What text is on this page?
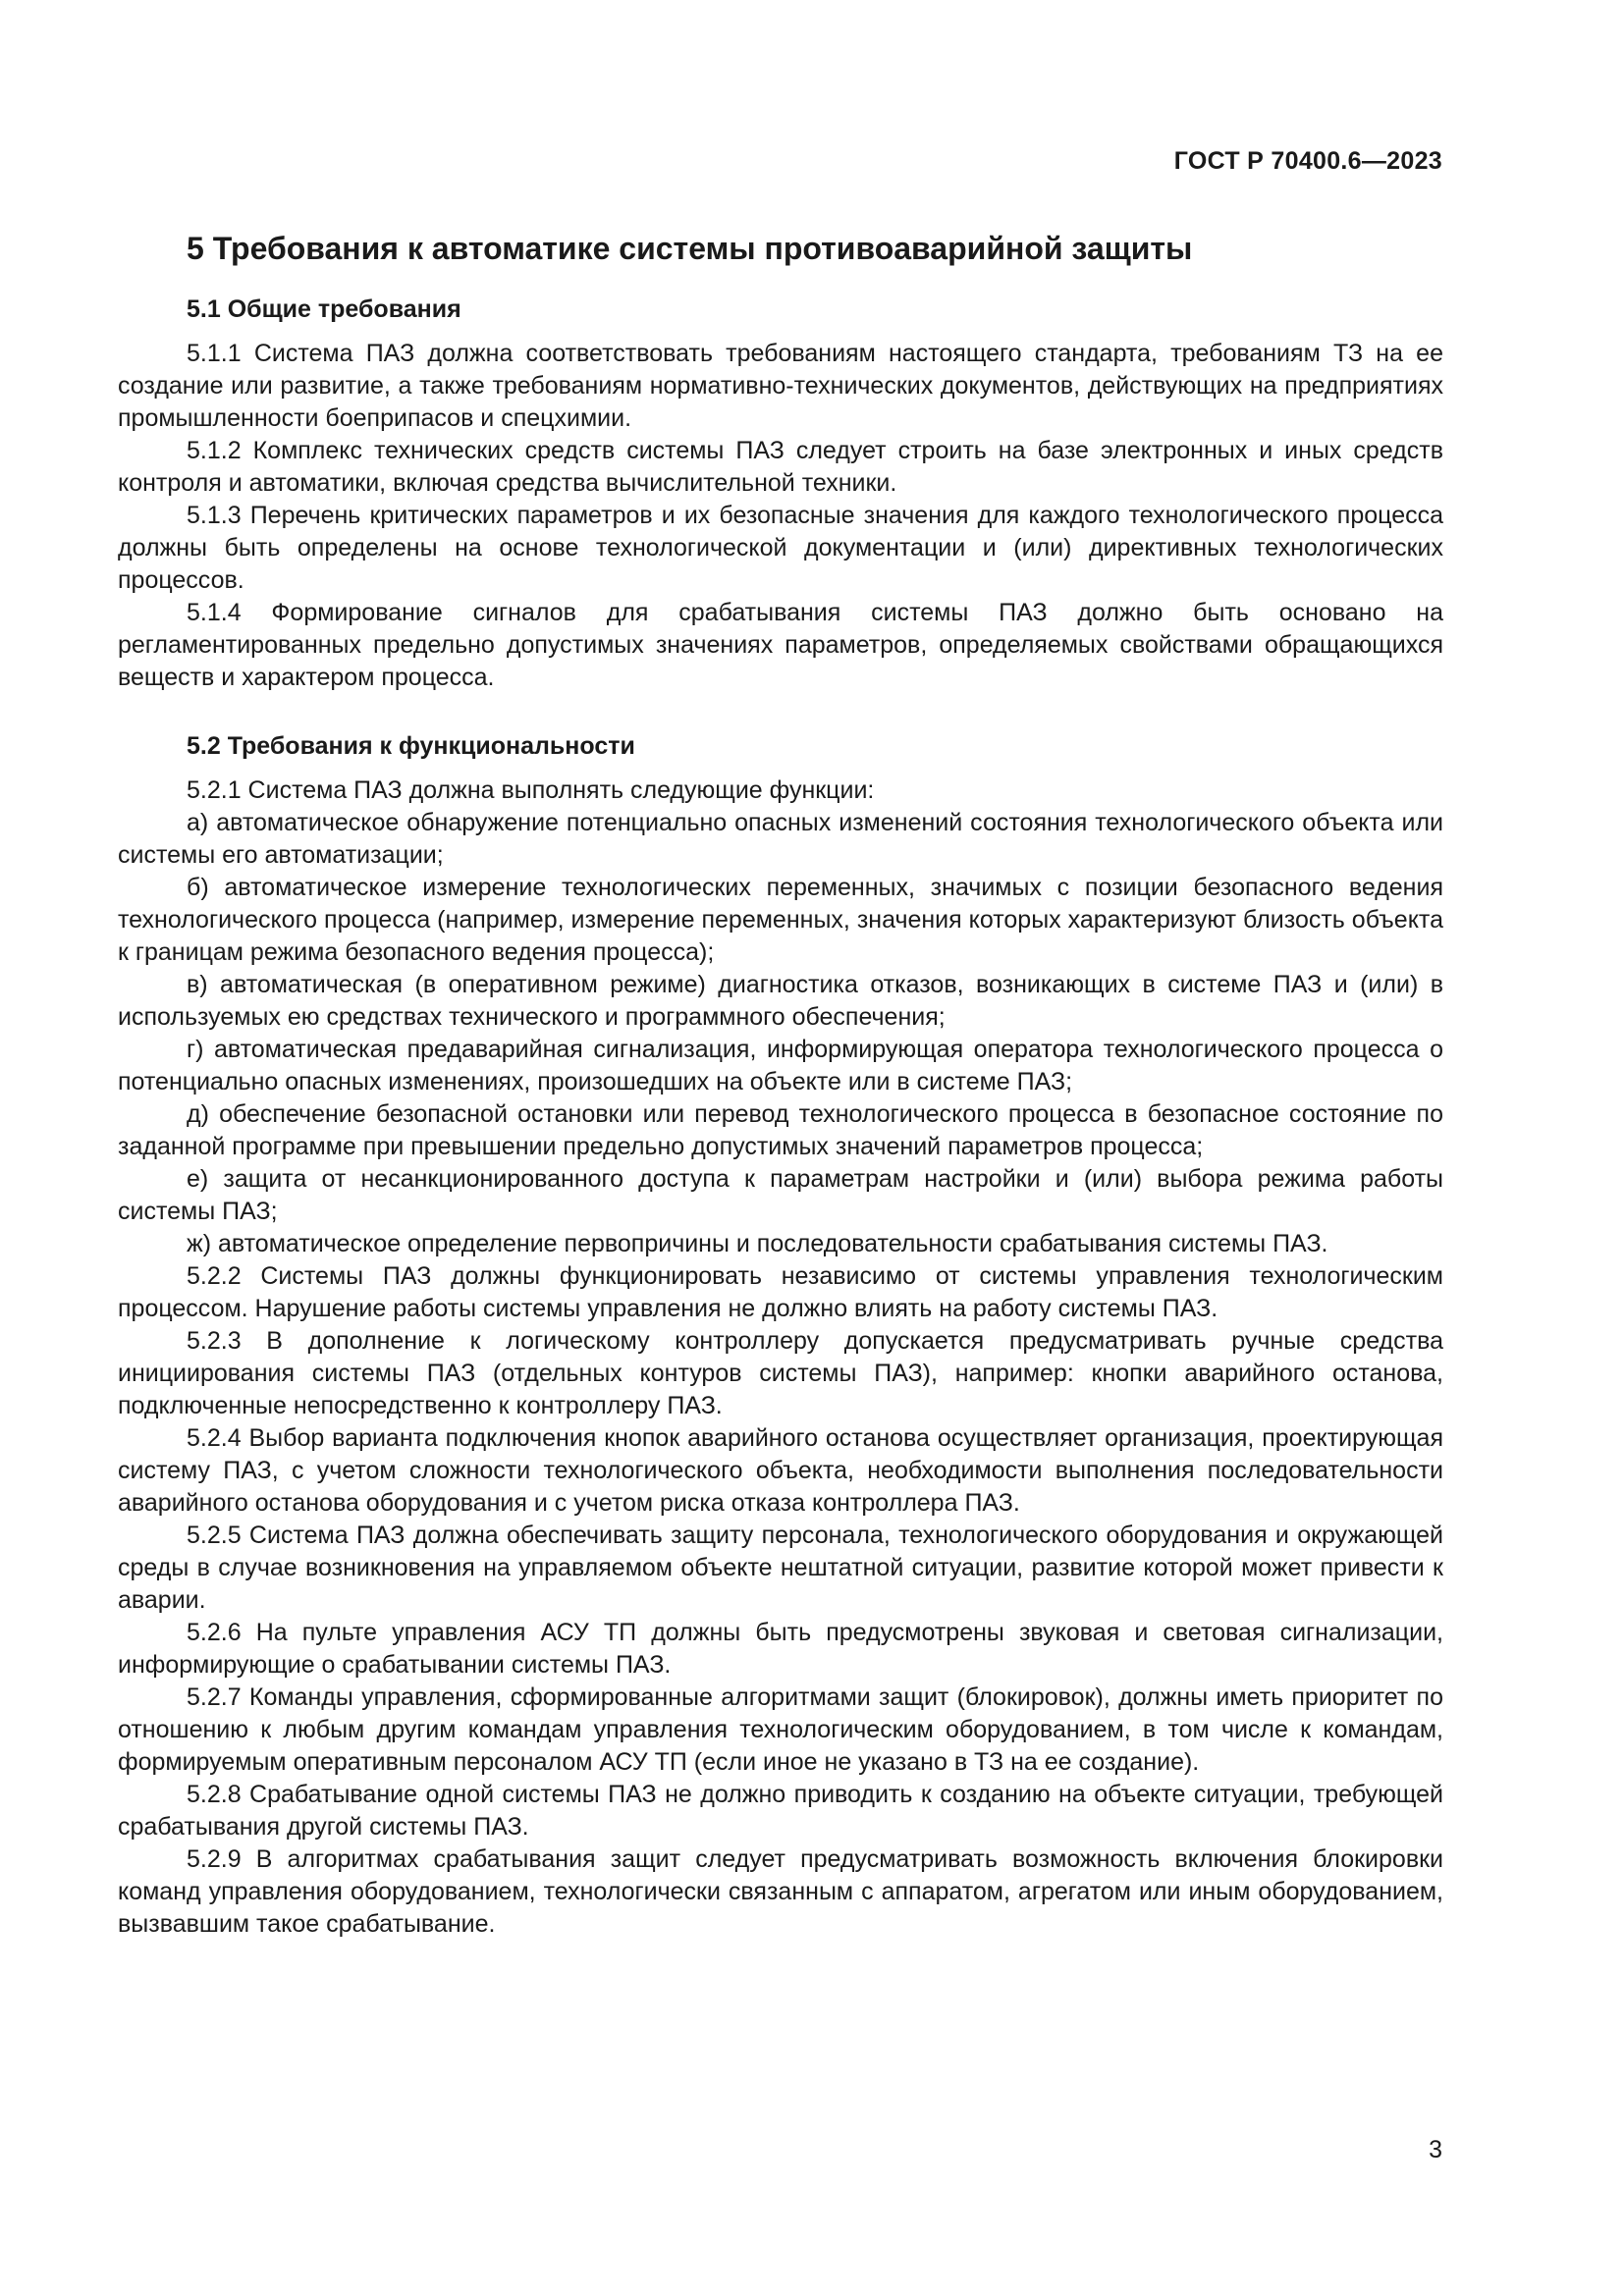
ГОСТ Р 70400.6—2023
5 Требования к автоматике системы противоаварийной защиты
5.1 Общие требования

5.1.1 Система ПАЗ должна соответствовать требованиям настоящего стандарта, требованиям ТЗ на ее создание или развитие, а также требованиям нормативно-технических документов, действующих на предприятиях промышленности боеприпасов и спецхимии.

5.1.2 Комплекс технических средств системы ПАЗ следует строить на базе электронных и иных средств контроля и автоматики, включая средства вычислительной техники.

5.1.3 Перечень критических параметров и их безопасные значения для каждого технологического процесса должны быть определены на основе технологической документации и (или) директивных технологических процессов.

5.1.4 Формирование сигналов для срабатывания системы ПАЗ должно быть основано на регламентированных предельно допустимых значениях параметров, определяемых свойствами обращающихся веществ и характером процесса.

5.2 Требования к функциональности

5.2.1 Система ПАЗ должна выполнять следующие функции:

а) автоматическое обнаружение потенциально опасных изменений состояния технологического объекта или системы его автоматизации;

б) автоматическое измерение технологических переменных, значимых с позиции безопасного ведения технологического процесса (например, измерение переменных, значения которых характеризуют близость объекта к границам режима безопасного ведения процесса);

в) автоматическая (в оперативном режиме) диагностика отказов, возникающих в системе ПАЗ и (или) в используемых ею средствах технического и программного обеспечения;

г) автоматическая предаварийная сигнализация, информирующая оператора технологического процесса о потенциально опасных изменениях, произошедших на объекте или в системе ПАЗ;

д) обеспечение безопасной остановки или перевод технологического процесса в безопасное состояние по заданной программе при превышении предельно допустимых значений параметров процесса;

е) защита от несанкционированного доступа к параметрам настройки и (или) выбора режима работы системы ПАЗ;

ж) автоматическое определение первопричины и последовательности срабатывания системы ПАЗ.

5.2.2 Системы ПАЗ должны функционировать независимо от системы управления технологическим процессом. Нарушение работы системы управления не должно влиять на работу системы ПАЗ.

5.2.3 В дополнение к логическому контроллеру допускается предусматривать ручные средства инициирования системы ПАЗ (отдельных контуров системы ПАЗ), например: кнопки аварийного останова, подключенные непосредственно к контроллеру ПАЗ.

5.2.4 Выбор варианта подключения кнопок аварийного останова осуществляет организация, проектирующая систему ПАЗ, с учетом сложности технологического объекта, необходимости выполнения последовательности аварийного останова оборудования и с учетом риска отказа контроллера ПАЗ.

5.2.5 Система ПАЗ должна обеспечивать защиту персонала, технологического оборудования и окружающей среды в случае возникновения на управляемом объекте нештатной ситуации, развитие которой может привести к аварии.

5.2.6 На пульте управления АСУ ТП должны быть предусмотрены звуковая и световая сигнализации, информирующие о срабатывании системы ПАЗ.

5.2.7 Команды управления, сформированные алгоритмами защит (блокировок), должны иметь приоритет по отношению к любым другим командам управления технологическим оборудованием, в том числе к командам, формируемым оперативным персоналом АСУ ТП (если иное не указано в ТЗ на ее создание).

5.2.8 Срабатывание одной системы ПАЗ не должно приводить к созданию на объекте ситуации, требующей срабатывания другой системы ПАЗ.

5.2.9 В алгоритмах срабатывания защит следует предусматривать возможность включения блокировки команд управления оборудованием, технологически связанным с аппаратом, агрегатом или иным оборудованием, вызвавшим такое срабатывание.

3
